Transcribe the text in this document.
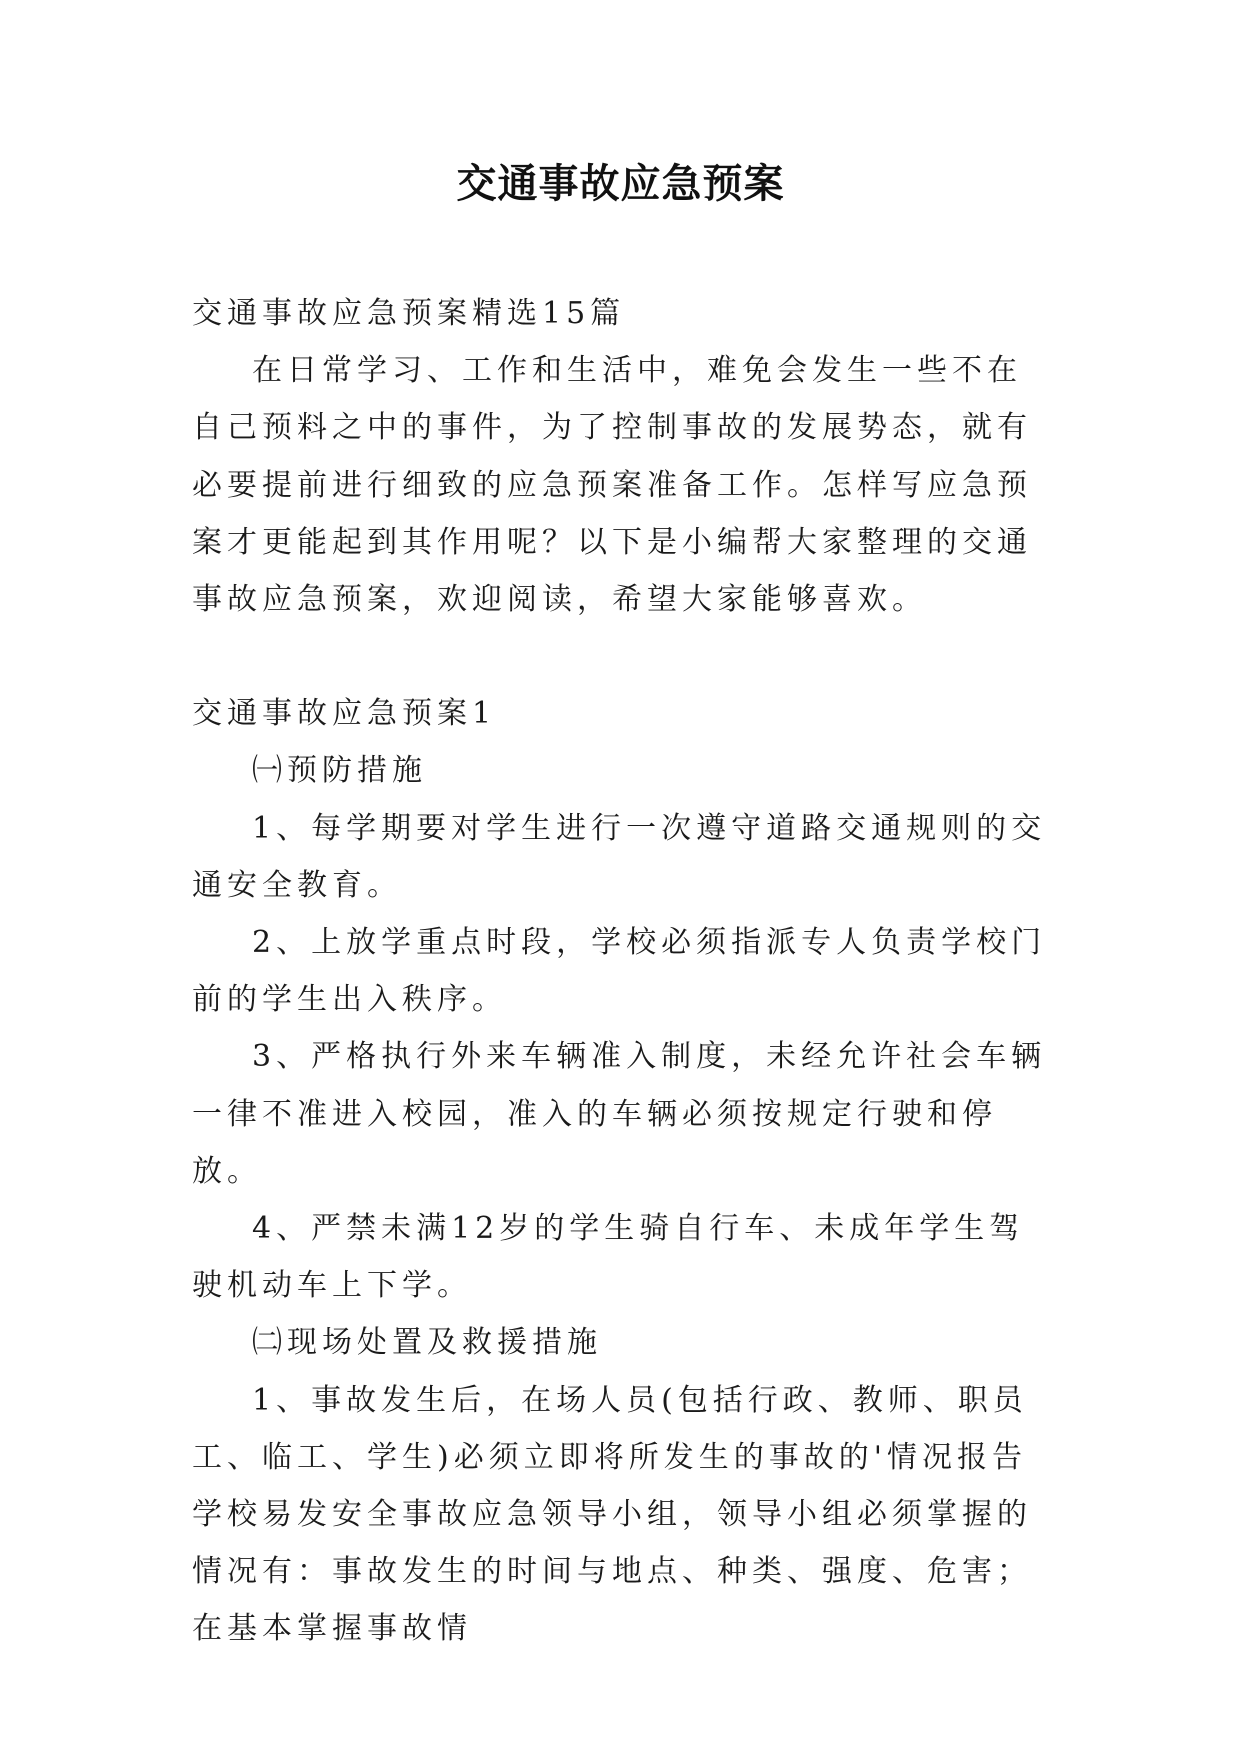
交通事故应急预案

交通事故应急预案精选15篇

在日常学习、工作和生活中，难免会发生一些不在自己预料之中的事件，为了控制事故的发展势态，就有必要提前进行细致的应急预案准备工作。怎样写应急预案才更能起到其作用呢？以下是小编帮大家整理的交通事故应急预案，欢迎阅读，希望大家能够喜欢。

交通事故应急预案1

㈠预防措施

1、每学期要对学生进行一次遵守道路交通规则的交通安全教育。

2、上放学重点时段，学校必须指派专人负责学校门前的学生出入秩序。

3、严格执行外来车辆准入制度，未经允许社会车辆一律不准进入校园，准入的车辆必须按规定行驶和停放。

4、严禁未满12岁的学生骑自行车、未成年学生驾驶机动车上下学。

㈡现场处置及救援措施

1、事故发生后，在场人员(包括行政、教师、职员工、临工、学生)必须立即将所发生的事故的'情况报告学校易发安全事故应急领导小组，领导小组必须掌握的情况有：事故发生的时间与地点、种类、强度、危害；在基本掌握事故情
